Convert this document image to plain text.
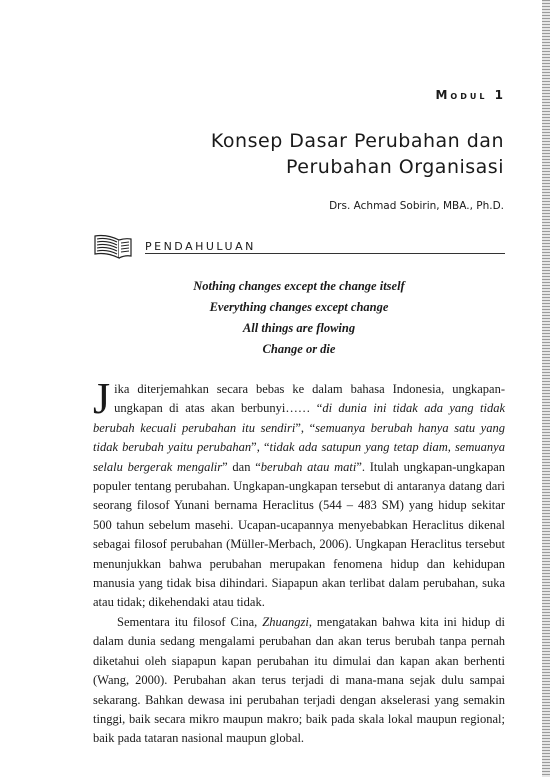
Modul 1
Konsep Dasar Perubahan dan
Perubahan Organisasi
Drs. Achmad Sobirin, MBA., Ph.D.
PENDAHULUAN
Nothing changes except the change itself
Everything changes except change
All things are flowing
Change or die

Jika diterjemahkan secara bebas ke dalam bahasa Indonesia, ungkapan-ungkapan di atas akan berbunyi…… “di dunia ini tidak ada yang tidak berubah kecuali perubahan itu sendiri”, “semuanya berubah hanya satu yang tidak berubah yaitu perubahan”, “tidak ada satupun yang tetap diam, semuanya selalu bergerak mengalir” dan “berubah atau mati”. Itulah ungkapan-ungkapan populer tentang perubahan. Ungkapan-ungkapan tersebut di antaranya datang dari seorang filosof Yunani bernama Heraclitus (544 – 483 SM) yang hidup sekitar 500 tahun sebelum masehi. Ucapan-ucapannya menyebabkan Heraclitus dikenal sebagai filosof perubahan (Müller-Merbach, 2006). Ungkapan Heraclitus tersebut menunjukkan bahwa perubahan merupakan fenomena hidup dan kehidupan manusia yang tidak bisa dihindari. Siapapun akan terlibat dalam perubahan, suka atau tidak; dikehendaki atau tidak.

Sementara itu filosof Cina, Zhuangzi, mengatakan bahwa kita ini hidup di dalam dunia sedang mengalami perubahan dan akan terus berubah tanpa pernah diketahui oleh siapapun kapan perubahan itu dimulai dan kapan akan berhenti (Wang, 2000). Perubahan akan terus terjadi di mana-mana sejak dulu sampai sekarang. Bahkan dewasa ini perubahan terjadi dengan akselerasi yang semakin tinggi, baik secara mikro maupun makro; baik pada skala lokal maupun regional; baik pada tataran nasional maupun global.
